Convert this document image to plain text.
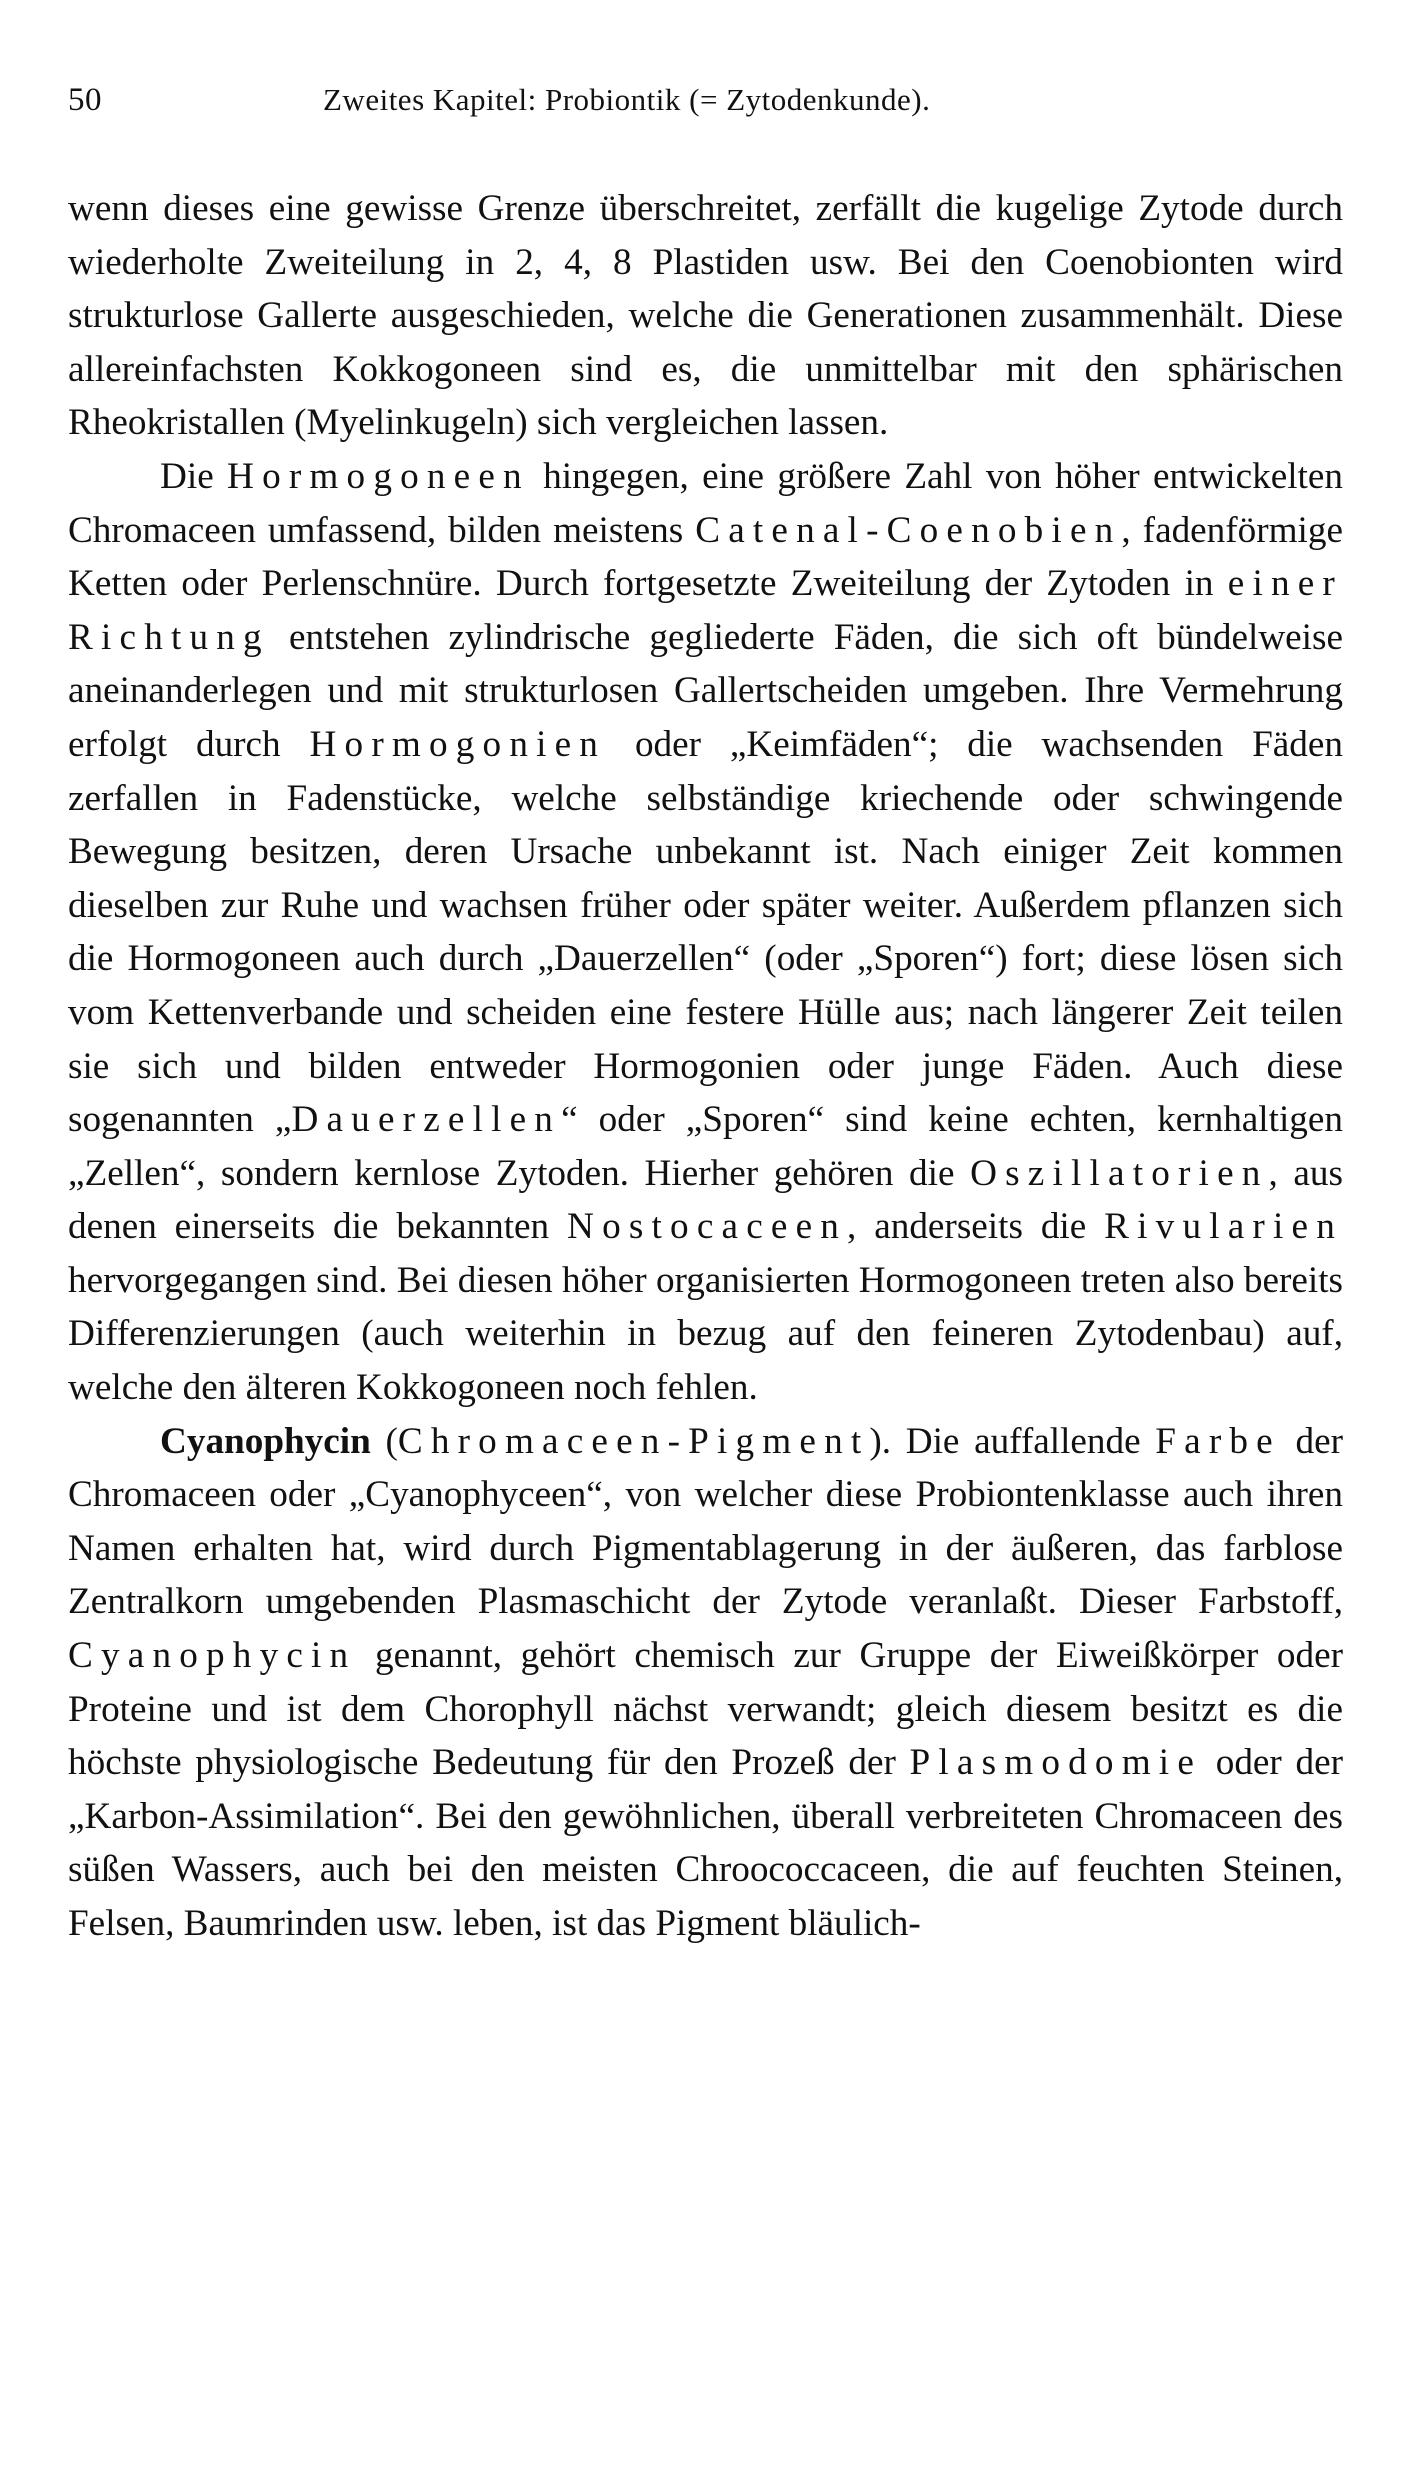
50	Zweites Kapitel: Probiontik (= Zytodenkunde).

wenn dieses eine gewisse Grenze überschreitet, zerfällt die kugelige Zytode durch wiederholte Zweiteilung in 2, 4, 8 Plastiden usw. Bei den Coenobionten wird strukturlose Gallerte ausgeschieden, welche die Generationen zusammenhält. Diese allereinfachsten Kokkogoneen sind es, die unmittelbar mit den sphärischen Rheokristallen (Myelinkugeln) sich vergleichen lassen.

Die Hormogoneen hingegen, eine größere Zahl von höher entwickelten Chromaceen umfassend, bilden meistens Catenal-Coenobien, fadenförmige Ketten oder Perlenschnüre. Durch fortgesetzte Zweiteilung der Zytoden in einer Richtung entstehen zylindrische gegliederte Fäden, die sich oft bündelweise aneinanderlegen und mit strukturlosen Gallertscheiden umgeben. Ihre Vermehrung erfolgt durch Hormogonien oder „Keimfäden“; die wachsenden Fäden zerfallen in Fadenstücke, welche selbständige kriechende oder schwingende Bewegung besitzen, deren Ursache unbekannt ist. Nach einiger Zeit kommen dieselben zur Ruhe und wachsen früher oder später weiter. Außerdem pflanzen sich die Hormogoneen auch durch „Dauerzellen“ (oder „Sporen“) fort; diese lösen sich vom Kettenverbande und scheiden eine festere Hülle aus; nach längerer Zeit teilen sie sich und bilden entweder Hormogonien oder junge Fäden. Auch diese sogenannten „Dauerzellen“ oder „Sporen“ sind keine echten, kernhaltigen „Zellen“, sondern kernlose Zytoden. Hierher gehören die Oszillatorien, aus denen einerseits die bekannten Nostocaceen, anderseits die Rivularien hervorgegangen sind. Bei diesen höher organisierten Hormogoneen treten also bereits Differenzierungen (auch weiterhin in bezug auf den feineren Zytodenbau) auf, welche den älteren Kokkogoneen noch fehlen.

Cyanophycin (Chromaceen-Pigment). Die auffallende Farbe der Chromaceen oder „Cyanophyceen“, von welcher diese Probiontenklasse auch ihren Namen erhalten hat, wird durch Pigmentablagerung in der äußeren, das farblose Zentralkorn umgebenden Plasmaschicht der Zytode veranlaßt. Dieser Farbstoff, Cyanophycin genannt, gehört chemisch zur Gruppe der Eiweißkörper oder Proteine und ist dem Chorophyll nächst verwandt; gleich diesem besitzt es die höchste physiologische Bedeutung für den Prozeß der Plasmodomie oder der „Karbon-Assimilation“. Bei den gewöhnlichen, überall verbreiteten Chromaceen des süßen Wassers, auch bei den meisten Chroococcaceen, die auf feuchten Steinen, Felsen, Baumrinden usw. leben, ist das Pigment bläulich-
